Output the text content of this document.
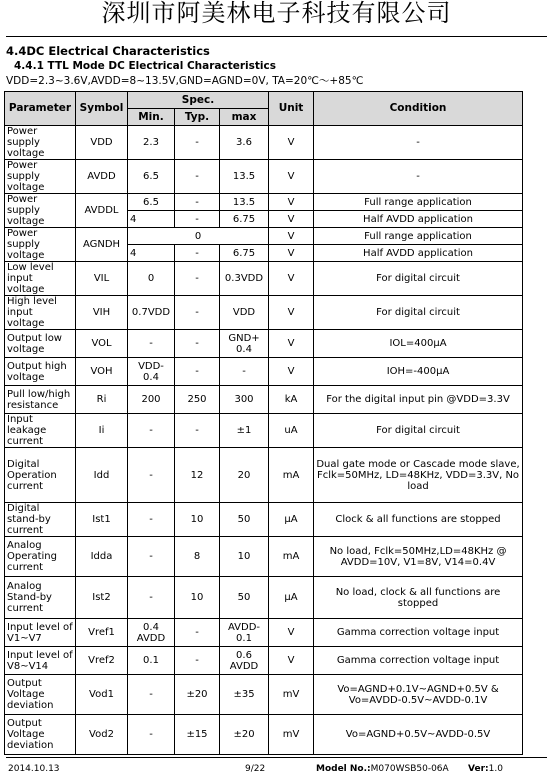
深圳市阿美林电子科技有限公司
4.4DC Electrical Characteristics
4.4.1 TTL Mode DC Electrical Characteristics
VDD=2.3~3.6V,AVDD=8~13.5V,GND=AGND=0V, TA=20℃～+85℃
Parameter	Symbol	Spec.			Unit	Condition
		Min.	Typ.	max		
Power supply voltage	VDD	2.3	-	3.6	V	-
Power supply voltage	AVDD	6.5	-	13.5	V	-
Power supply voltage	AVDDL	6.5	-	13.5	V	Full range application
		4	-	6.75	V	Half AVDD application
Power supply voltage	AGNDH	0			V	Full range application
		4	-	6.75	V	Half AVDD application
Low level input voltage	VIL	0	-	0.3VDD	V	For digital circuit
High level input voltage	VIH	0.7VDD	-	VDD	V	For digital circuit
Output low voltage	VOL	-	-	GND+ 0.4	V	IOL=400μA
Output high voltage	VOH	VDD- 0.4	-	-	V	IOH=-400μA
Pull low/high resistance	Ri	200	250	300	kA	For the digital input pin @VDD=3.3V
Input leakage current	Ii	-	-	±1	uA	For digital circuit
Digital Operation current	Idd	-	12	20	mA	Dual gate mode or Cascade mode slave, Fclk=50MHz, LD=48KHz, VDD=3.3V, No load
Digital stand-by current	Ist1	-	10	50	μA	Clock & all functions are stopped
Analog Operating current	Idda	-	8	10	mA	No load, Fclk=50MHz,LD=48KHz @ AVDD=10V, V1=8V, V14=0.4V
Analog Stand-by current	Ist2	-	10	50	μA	No load, clock & all functions are stopped
Input level of V1~V7	Vref1	0.4 AVDD	-	AVDD- 0.1	V	Gamma correction voltage input
Input level of V8~V14	Vref2	0.1	-	0.6 AVDD	V	Gamma correction voltage input
Output Voltage deviation	Vod1	-	±20	±35	mV	Vo=AGND+0.1V~AGND+0.5V & Vo=AVDD-0.5V~AVDD-0.1V
Output Voltage deviation	Vod2	-	±15	±20	mV	Vo=AGND+0.5V~AVDD-0.5V
2014.10.13	9/22	Model No.:M070WSB50-06A Ver:1.0
